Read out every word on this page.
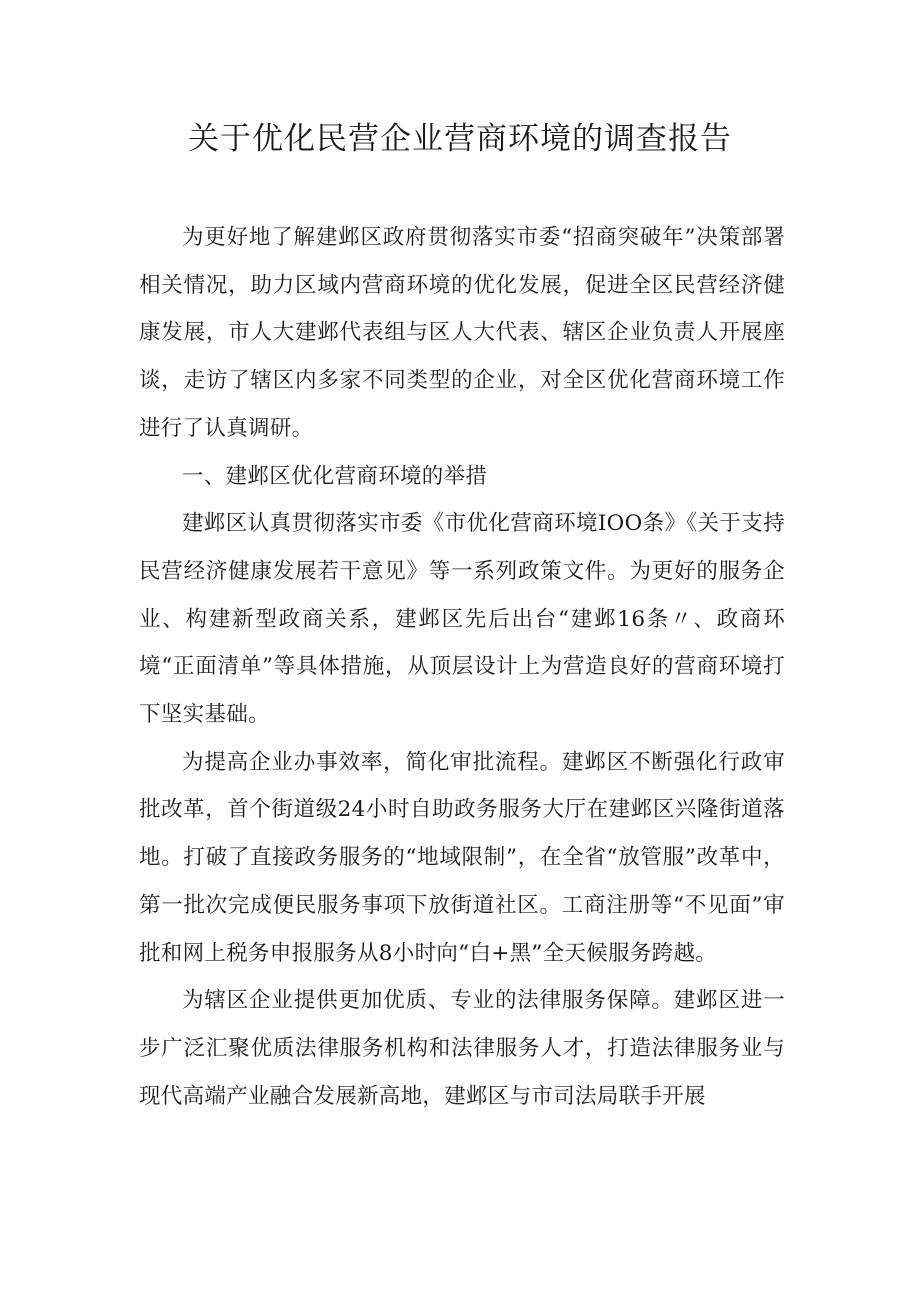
关于优化民营企业营商环境的调查报告

为更好地了解建邺区政府贯彻落实市委“招商突破年”决策部署相关情况，助力区域内营商环境的优化发展，促进全区民营经济健康发展，市人大建邺代表组与区人大代表、辖区企业负责人开展座谈，走访了辖区内多家不同类型的企业，对全区优化营商环境工作进行了认真调研。

一、建邺区优化营商环境的举措

建邺区认真贯彻落实市委《市优化营商环境IOO条》《关于支持民营经济健康发展若干意见》等一系列政策文件。为更好的服务企业、构建新型政商关系，建邺区先后出台“建邺16条〃、政商环境“正面清单”等具体措施，从顶层设计上为营造良好的营商环境打下坚实基础。

为提高企业办事效率，简化审批流程。建邺区不断强化行政审批改革，首个街道级24小时自助政务服务大厅在建邺区兴隆街道落地。打破了直接政务服务的“地域限制”，在全省“放管服”改革中，第一批次完成便民服务事项下放街道社区。工商注册等“不见面”审批和网上税务申报服务从8小时向“白+黑”全天候服务跨越。

为辖区企业提供更加优质、专业的法律服务保障。建邺区进一步广泛汇聚优质法律服务机构和法律服务人才，打造法律服务业与现代高端产业融合发展新高地，建邺区与市司法局联手开展
